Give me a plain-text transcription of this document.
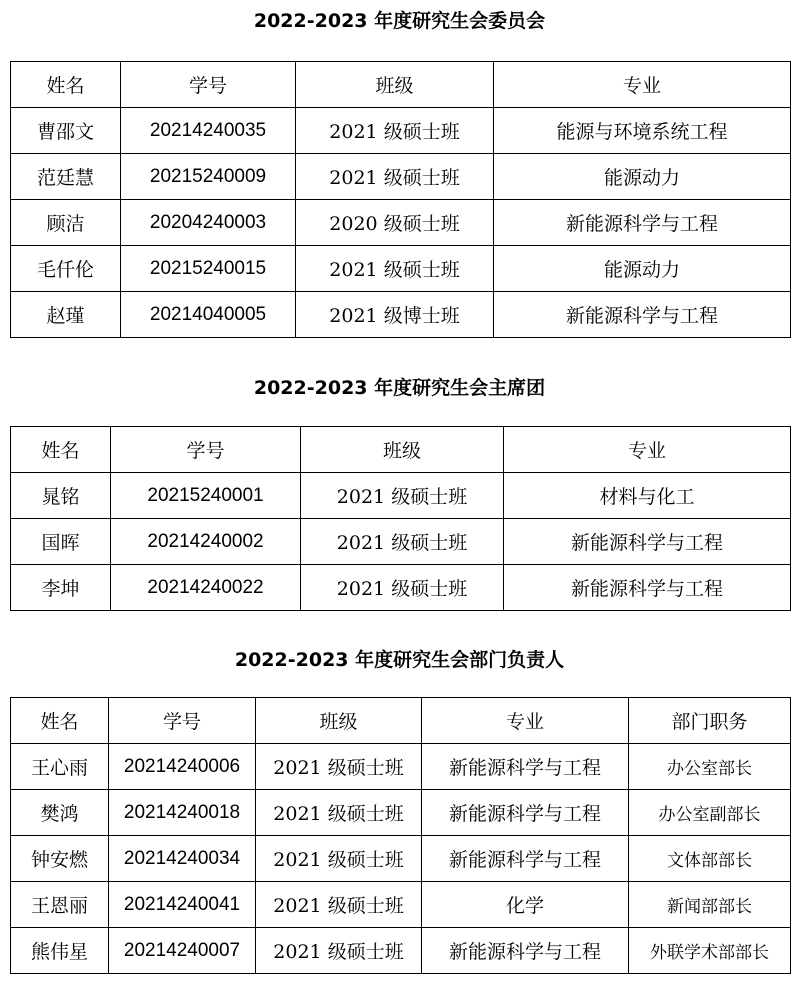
2022-2023 年度研究生会委员会
姓名	学号	班级	专业
曹邵文	20214240035	2021 级硕士班	能源与环境系统工程
范廷慧	20215240009	2021 级硕士班	能源动力
顾洁	20204240003	2020 级硕士班	新能源科学与工程
毛仟伦	20215240015	2021 级硕士班	能源动力
赵瑾	20214040005	2021 级博士班	新能源科学与工程
2022-2023 年度研究生会主席团
姓名	学号	班级	专业
晁铭	20215240001	2021 级硕士班	材料与化工
国晖	20214240002	2021 级硕士班	新能源科学与工程
李坤	20214240022	2021 级硕士班	新能源科学与工程
2022-2023 年度研究生会部门负责人
姓名	学号	班级	专业	部门职务
王心雨	20214240006	2021 级硕士班	新能源科学与工程	办公室部长
樊鸿	20214240018	2021 级硕士班	新能源科学与工程	办公室副部长
钟安燃	20214240034	2021 级硕士班	新能源科学与工程	文体部部长
王恩丽	20214240041	2021 级硕士班	化学	新闻部部长
熊伟星	20214240007	2021 级硕士班	新能源科学与工程	外联学术部部长
